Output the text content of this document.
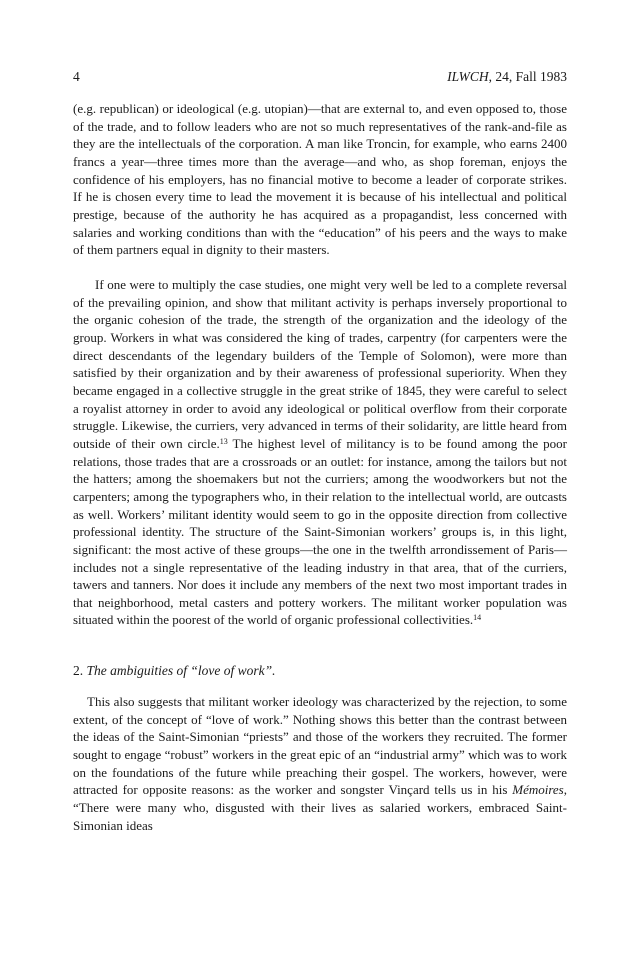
4	ILWCH, 24, Fall 1983

(e.g. republican) or ideological (e.g. utopian)—that are external to, and even opposed to, those of the trade, and to follow leaders who are not so much representatives of the rank-and-file as they are the intellectuals of the corporation. A man like Troncin, for example, who earns 2400 francs a year—three times more than the average—and who, as shop foreman, enjoys the confidence of his employers, has no financial motive to become a leader of corporate strikes. If he is chosen every time to lead the movement it is because of his intellectual and political prestige, because of the authority he has acquired as a propagandist, less concerned with salaries and working conditions than with the “education” of his peers and the ways to make of them partners equal in dignity to their masters.

If one were to multiply the case studies, one might very well be led to a complete reversal of the prevailing opinion, and show that militant activity is perhaps inversely proportional to the organic cohesion of the trade, the strength of the organization and the ideology of the group. Workers in what was considered the king of trades, carpentry (for carpenters were the direct descendants of the legendary builders of the Temple of Solomon), were more than satisfied by their organization and by their awareness of professional superiority. When they became engaged in a collective struggle in the great strike of 1845, they were careful to select a royalist attorney in order to avoid any ideological or political overflow from their corporate struggle. Likewise, the curriers, very advanced in terms of their solidarity, are little heard from outside of their own circle.$^{13}$ The highest level of militancy is to be found among the poor relations, those trades that are a crossroads or an outlet: for instance, among the tailors but not the hatters; among the shoemakers but not the curriers; among the woodworkers but not the carpenters; among the typographers who, in their relation to the intellectual world, are outcasts as well. Workers’ militant identity would seem to go in the opposite direction from collective professional identity. The structure of the Saint-Simonian workers’ groups is, in this light, significant: the most active of these groups—the one in the twelfth arrondissement of Paris—includes not a single representative of the leading industry in that area, that of the curriers, tawers and tanners. Nor does it include any members of the next two most important trades in that neighborhood, metal casters and pottery workers. The militant worker population was situated within the poorest of the world of organic professional collectivities.$^{14}$

2. The ambiguities of “love of work”.

This also suggests that militant worker ideology was characterized by the rejection, to some extent, of the concept of “love of work.” Nothing shows this better than the contrast between the ideas of the Saint-Simonian “priests” and those of the workers they recruited. The former sought to engage “robust” workers in the great epic of an “industrial army” which was to work on the foundations of the future while preaching their gospel. The workers, however, were attracted for opposite reasons: as the worker and songster Vinçard tells us in his Mémoires, “There were many who, disgusted with their lives as salaried workers, embraced Saint-Simonian ideas
